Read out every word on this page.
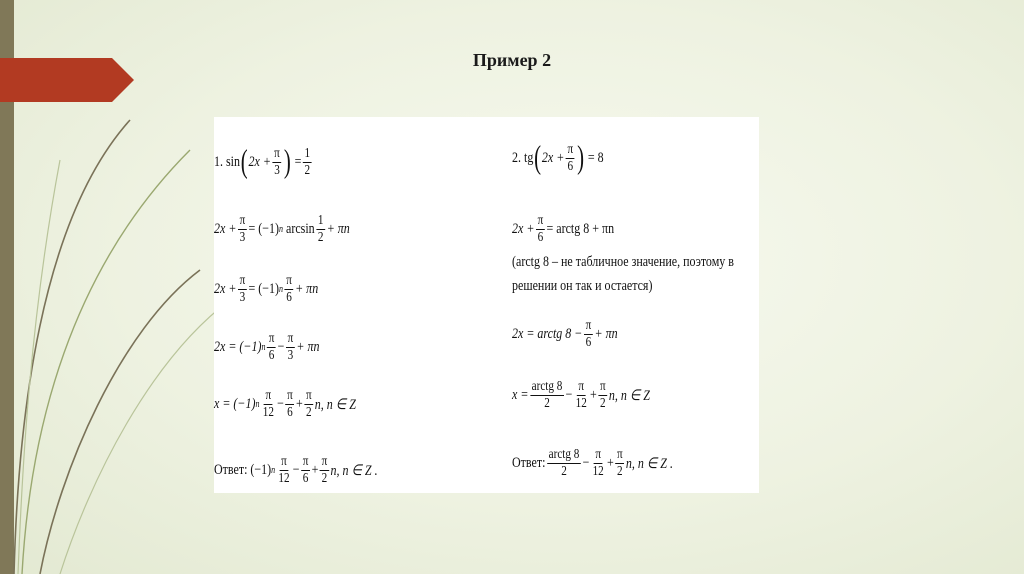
Пример 2
1.
sin ( $2x + \frac{\pi}{3}$ )
= $\frac{1}{2}$
$2x + \frac{\pi}{3} = (-1)$ n
$\arcsin \frac{1}{2} + \pi n$
$2x + \frac{\pi}{3} = (-1)$ n $\frac{\pi}{6} + \pi n$
2x = (−1) n $\frac{\pi}{6} - \frac{\pi}{3} + \pi n$
x = (−1) n $\frac{\pi}{12} - \frac{\pi}{6} + \frac{\pi}{2} n$, n ∈ Z
Ответ: (−1) n $\frac{\pi}{12} - \frac{\pi}{6} + \frac{\pi}{2} n$, n ∈ Z .
2.
tg ( $2x + \frac{\pi}{6}$ )
= 8
$2x + \frac{\pi}{6}$ = arctg 8 + πn
(arctg 8 – не табличное значение, поэтому в
решении он так и остается)
2x = arctg $8 - \frac{\pi}{6} + \pi n$
$x = \frac{\text{arctg 8}}{2} - \frac{\pi}{12} + \frac{\pi}{2} n$, n ∈ Z
Ответ: $\frac{\text{arctg 8}}{2} - \frac{\pi}{12} + \frac{\pi}{2} n$, n ∈ Z .
